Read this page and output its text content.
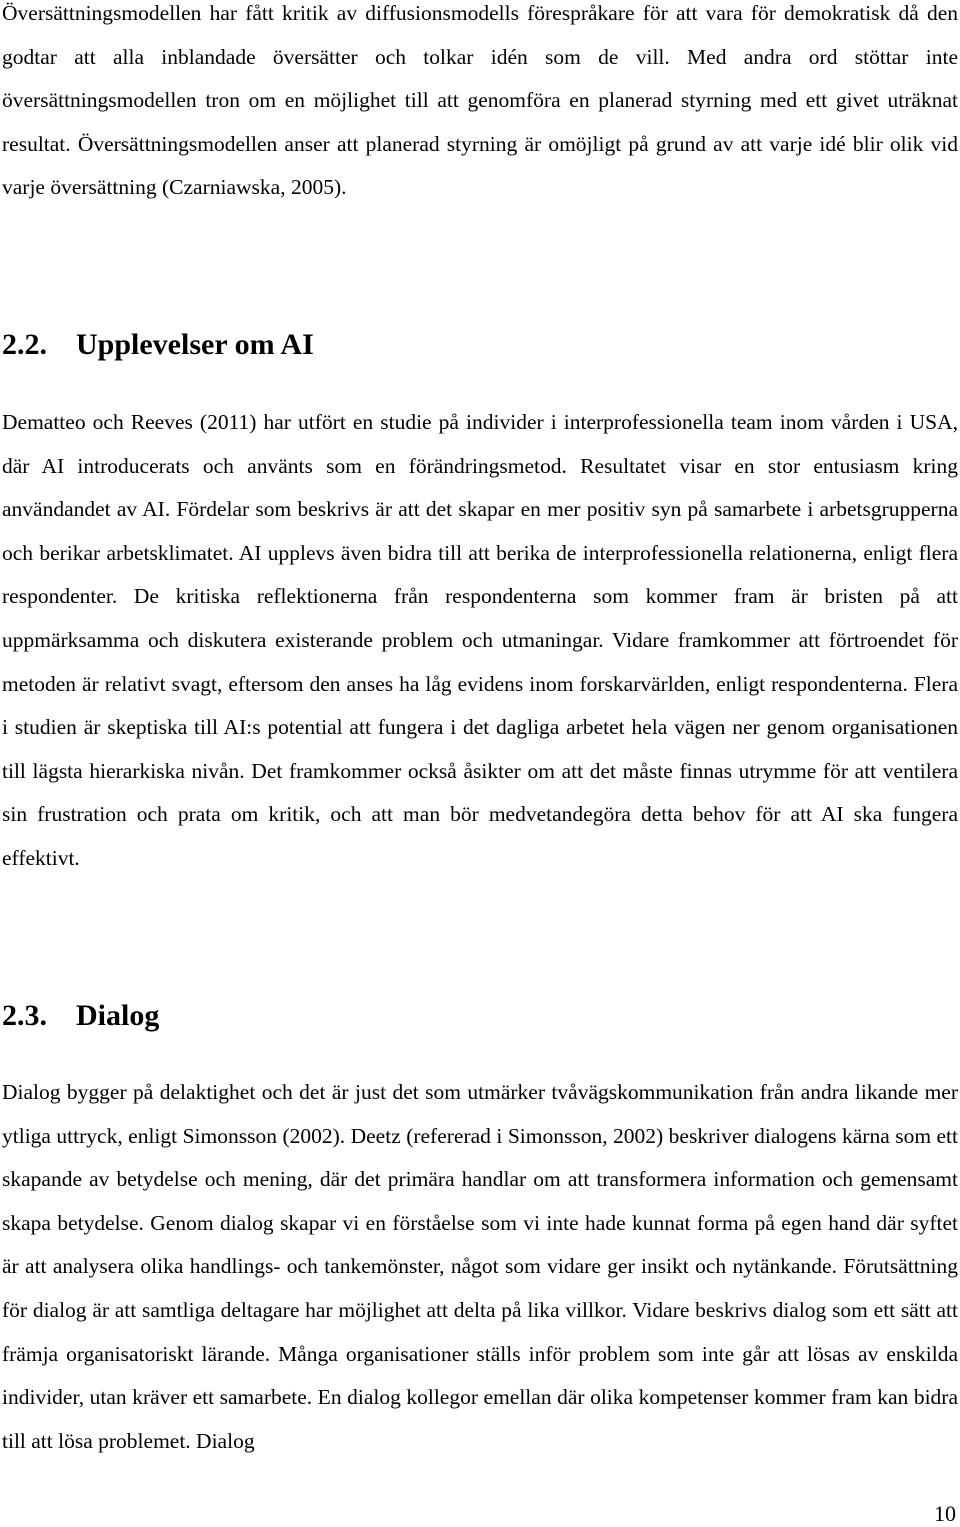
Översättningsmodellen har fått kritik av diffusionsmodells förespråkare för att vara för demokratisk då den godtar att alla inblandade översätter och tolkar idén som de vill. Med andra ord stöttar inte översättningsmodellen tron om en möjlighet till att genomföra en planerad styrning med ett givet uträknat resultat. Översättningsmodellen anser att planerad styrning är omöjligt på grund av att varje idé blir olik vid varje översättning (Czarniawska, 2005).

2.2. Upplevelser om AI

Dematteo och Reeves (2011) har utfört en studie på individer i interprofessionella team inom vården i USA, där AI introducerats och använts som en förändringsmetod. Resultatet visar en stor entusiasm kring användandet av AI. Fördelar som beskrivs är att det skapar en mer positiv syn på samarbete i arbetsgrupperna och berikar arbetsklimatet. AI upplevs även bidra till att berika de interprofessionella relationerna, enligt flera respondenter. De kritiska reflektionerna från respondenterna som kommer fram är bristen på att uppmärksamma och diskutera existerande problem och utmaningar. Vidare framkommer att förtroendet för metoden är relativt svagt, eftersom den anses ha låg evidens inom forskarvärlden, enligt respondenterna. Flera i studien är skeptiska till AI:s potential att fungera i det dagliga arbetet hela vägen ner genom organisationen till lägsta hierarkiska nivån. Det framkommer också åsikter om att det måste finnas utrymme för att ventilera sin frustration och prata om kritik, och att man bör medvetandegöra detta behov för att AI ska fungera effektivt.

2.3. Dialog

Dialog bygger på delaktighet och det är just det som utmärker tvåvägskommunikation från andra likande mer ytliga uttryck, enligt Simonsson (2002). Deetz (refererad i Simonsson, 2002) beskriver dialogens kärna som ett skapande av betydelse och mening, där det primära handlar om att transformera information och gemensamt skapa betydelse. Genom dialog skapar vi en förståelse som vi inte hade kunnat forma på egen hand där syftet är att analysera olika handlings- och tankemönster, något som vidare ger insikt och nytänkande. Förutsättning för dialog är att samtliga deltagare har möjlighet att delta på lika villkor. Vidare beskrivs dialog som ett sätt att främja organisatoriskt lärande. Många organisationer ställs inför problem som inte går att lösas av enskilda individer, utan kräver ett samarbete. En dialog kollegor emellan där olika kompetenser kommer fram kan bidra till att lösa problemet. Dialog

10
